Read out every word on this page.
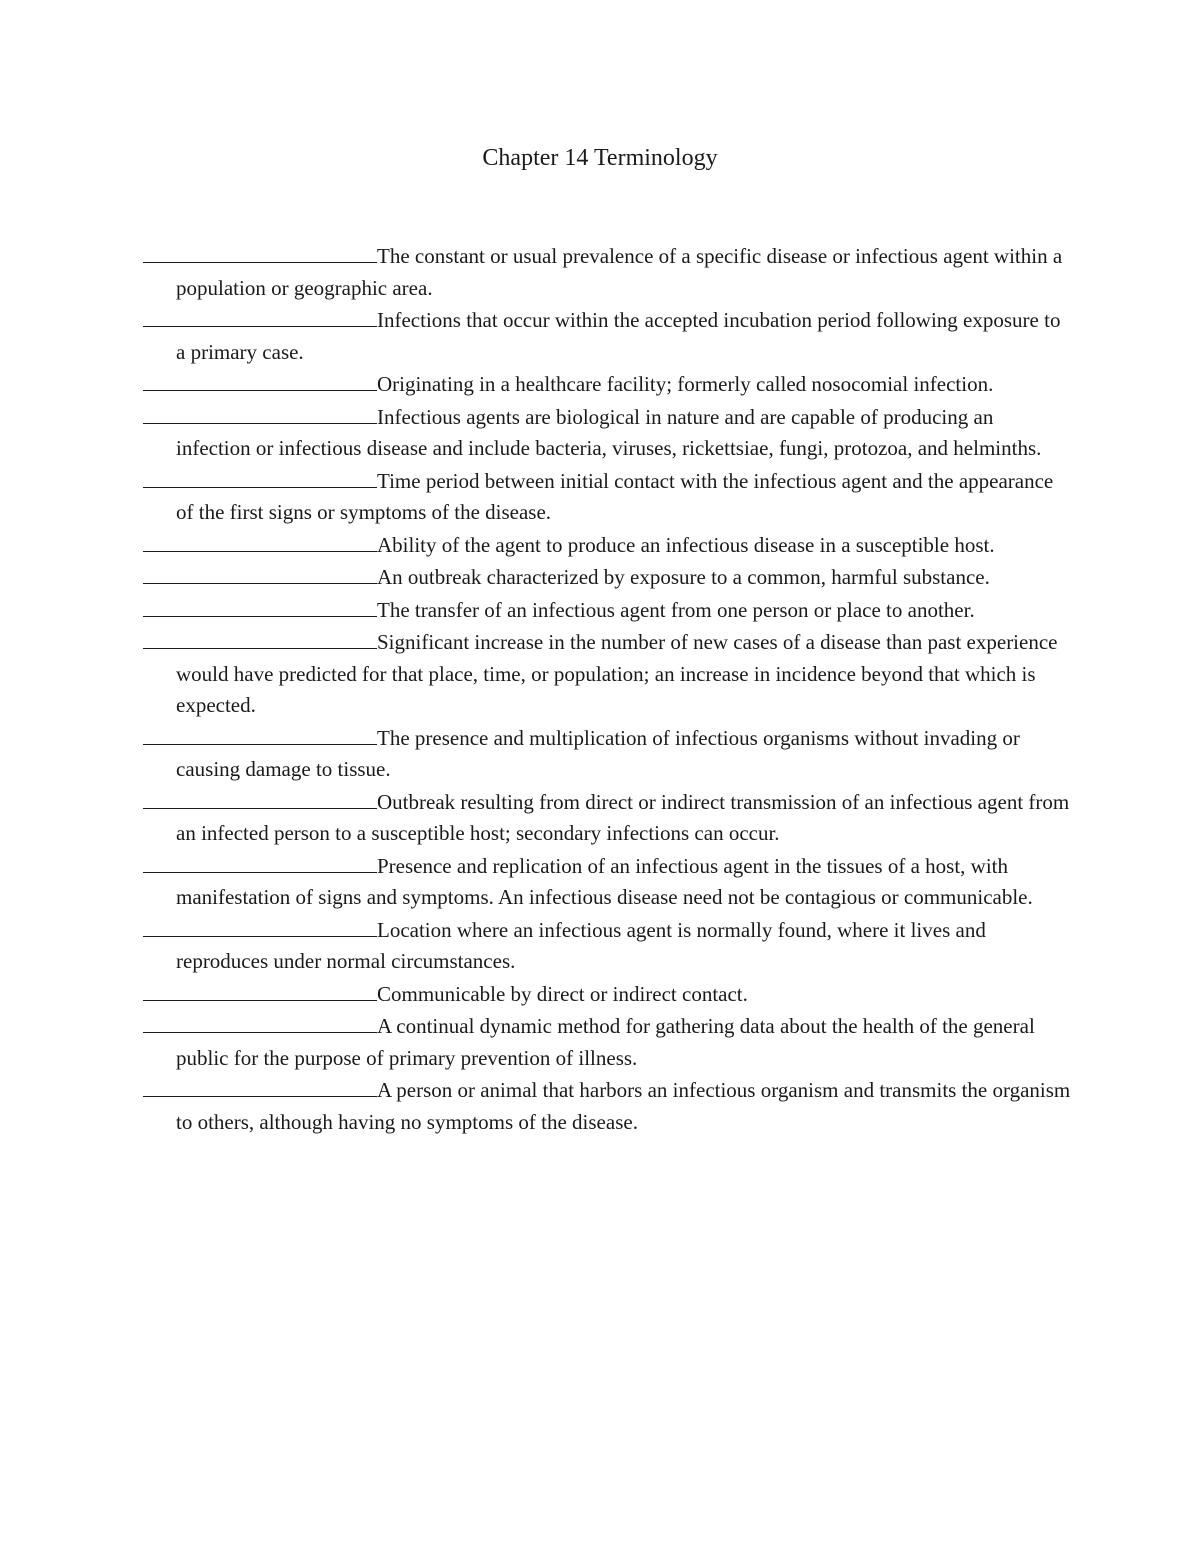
Chapter 14 Terminology
The constant or usual prevalence of a specific disease or infectious agent within a population or geographic area.
Infections that occur within the accepted incubation period following exposure to a primary case.
Originating in a healthcare facility; formerly called nosocomial infection.
Infectious agents are biological in nature and are capable of producing an infection or infectious disease and include bacteria, viruses, rickettsiae, fungi, protozoa, and helminths.
Time period between initial contact with the infectious agent and the appearance of the first signs or symptoms of the disease.
Ability of the agent to produce an infectious disease in a susceptible host.
An outbreak characterized by exposure to a common, harmful substance.
The transfer of an infectious agent from one person or place to another.
Significant increase in the number of new cases of a disease than past experience would have predicted for that place, time, or population; an increase in incidence beyond that which is expected.
The presence and multiplication of infectious organisms without invading or causing damage to tissue.
Outbreak resulting from direct or indirect transmission of an infectious agent from an infected person to a susceptible host; secondary infections can occur.
Presence and replication of an infectious agent in the tissues of a host, with manifestation of signs and symptoms. An infectious disease need not be contagious or communicable.
Location where an infectious agent is normally found, where it lives and reproduces under normal circumstances.
Communicable by direct or indirect contact.
A continual dynamic method for gathering data about the health of the general public for the purpose of primary prevention of illness.
A person or animal that harbors an infectious organism and transmits the organism to others, although having no symptoms of the disease.
